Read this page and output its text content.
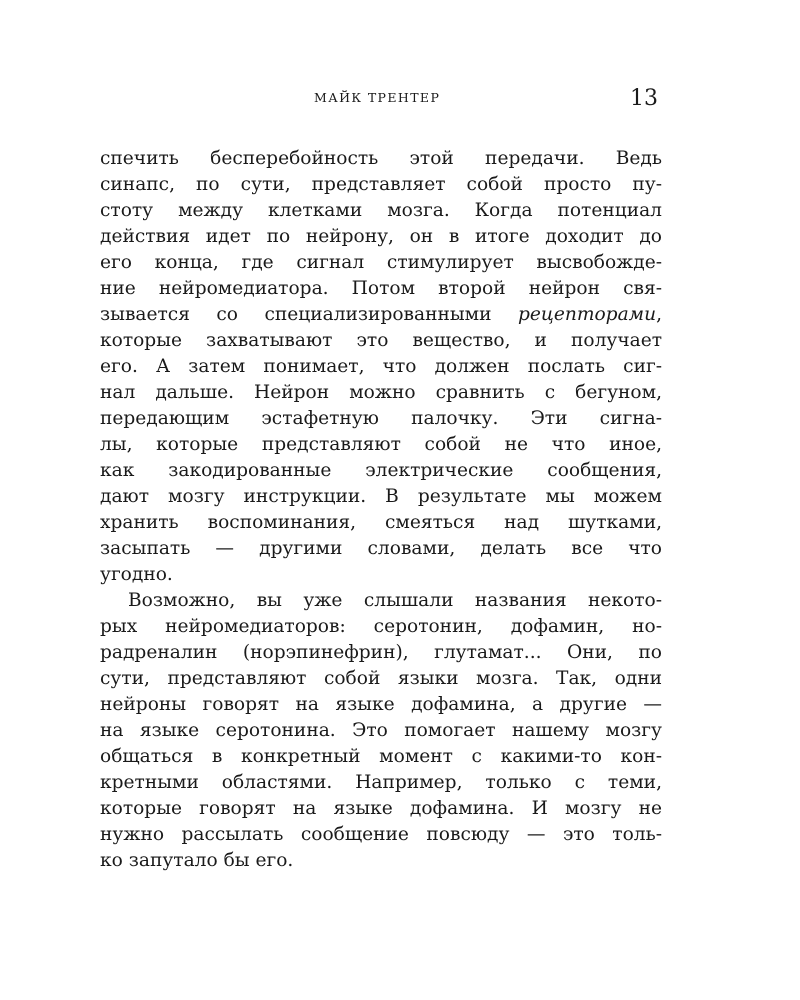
МАЙК ТРЕНТЕР	13
спечить бесперебойность этой передачи. Ведь
синапс, по сути, представляет собой просто пу-
стоту между клетками мозга. Когда потенциал
действия идет по нейрону, он в итоге доходит до
его конца, где сигнал стимулирует высвобожде-
ние нейромедиатора. Потом второй нейрон свя-
зывается со специализированными рецепторами,
которые захватывают это вещество, и получает
его. А затем понимает, что должен послать сиг-
нал дальше. Нейрон можно сравнить с бегуном,
передающим эстафетную палочку. Эти сигна-
лы, которые представляют собой не что иное,
как закодированные электрические сообщения,
дают мозгу инструкции. В результате мы можем
хранить воспоминания, смеяться над шутками,
засыпать — другими словами, делать все что
угодно.
Возможно, вы уже слышали названия некото-
рых нейромедиаторов: серотонин, дофамин, но-
радреналин (норэпинефрин), глутамат... Они, по
сути, представляют собой языки мозга. Так, одни
нейроны говорят на языке дофамина, а другие —
на языке серотонина. Это помогает нашему мозгу
общаться в конкретный момент с какими-то кон-
кретными областями. Например, только с теми,
которые говорят на языке дофамина. И мозгу не
нужно рассылать сообщение повсюду — это толь-
ко запутало бы его.
